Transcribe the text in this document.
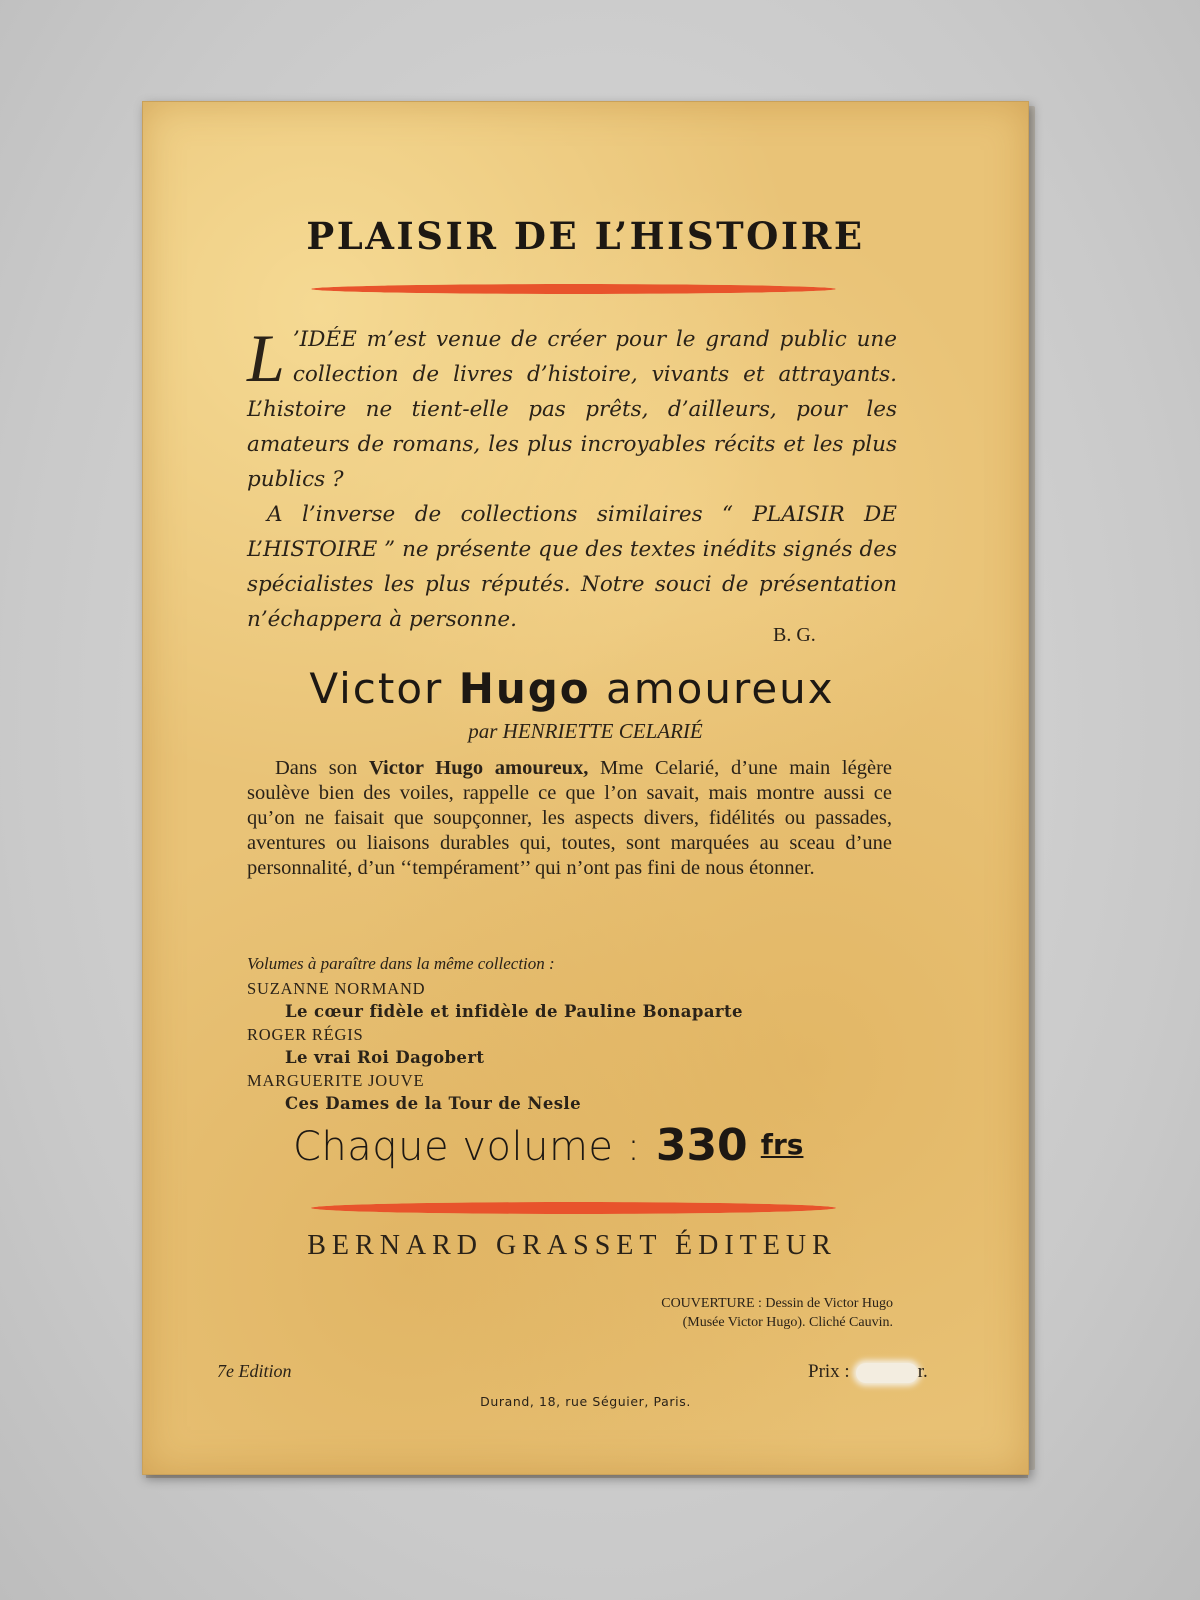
PLAISIR DE L’HISTOIRE
L ’IDÉE m’est venue de créer pour le grand public une collection de livres d’histoire, vivants et attrayants. L’histoire ne tient-elle pas prêts, d’ailleurs, pour les amateurs de romans, les plus incroyables récits et les plus publics ?

A l’inverse de collections similaires “ PLAISIR DE L’HISTOIRE ” ne présente que des textes inédits signés des spécialistes les plus réputés. Notre souci de présentation n’échappera à personne.

B. G.
Victor Hugo amoureux
par HENRIETTE CELARIÉ
Dans son Victor Hugo amoureux, Mme Celarié, d’une main légère soulève bien des voiles, rappelle ce que l’on savait, mais montre aussi ce qu’on ne faisait que soupçonner, les aspects divers, fidélités ou passades, aventures ou liaisons durables qui, toutes, sont marquées au sceau d’une personnalité, d’un ‘‘tempérament’’ qui n’ont pas fini de nous étonner.
Volumes à paraître dans la même collection :
SUZANNE NORMAND
Le cœur fidèle et infidèle de Pauline Bonaparte
ROGER RÉGIS
Le vrai Roi Dagobert
MARGUERITE JOUVE
Ces Dames de la Tour de Nesle
Chaque volume : 330 frs
BERNARD GRASSET ÉDITEUR
COUVERTURE : Dessin de Victor Hugo
(Musée Victor Hugo). Cliché Cauvin.
7e Edition	Prix :	r.
Durand, 18, rue Séguier, Paris.
